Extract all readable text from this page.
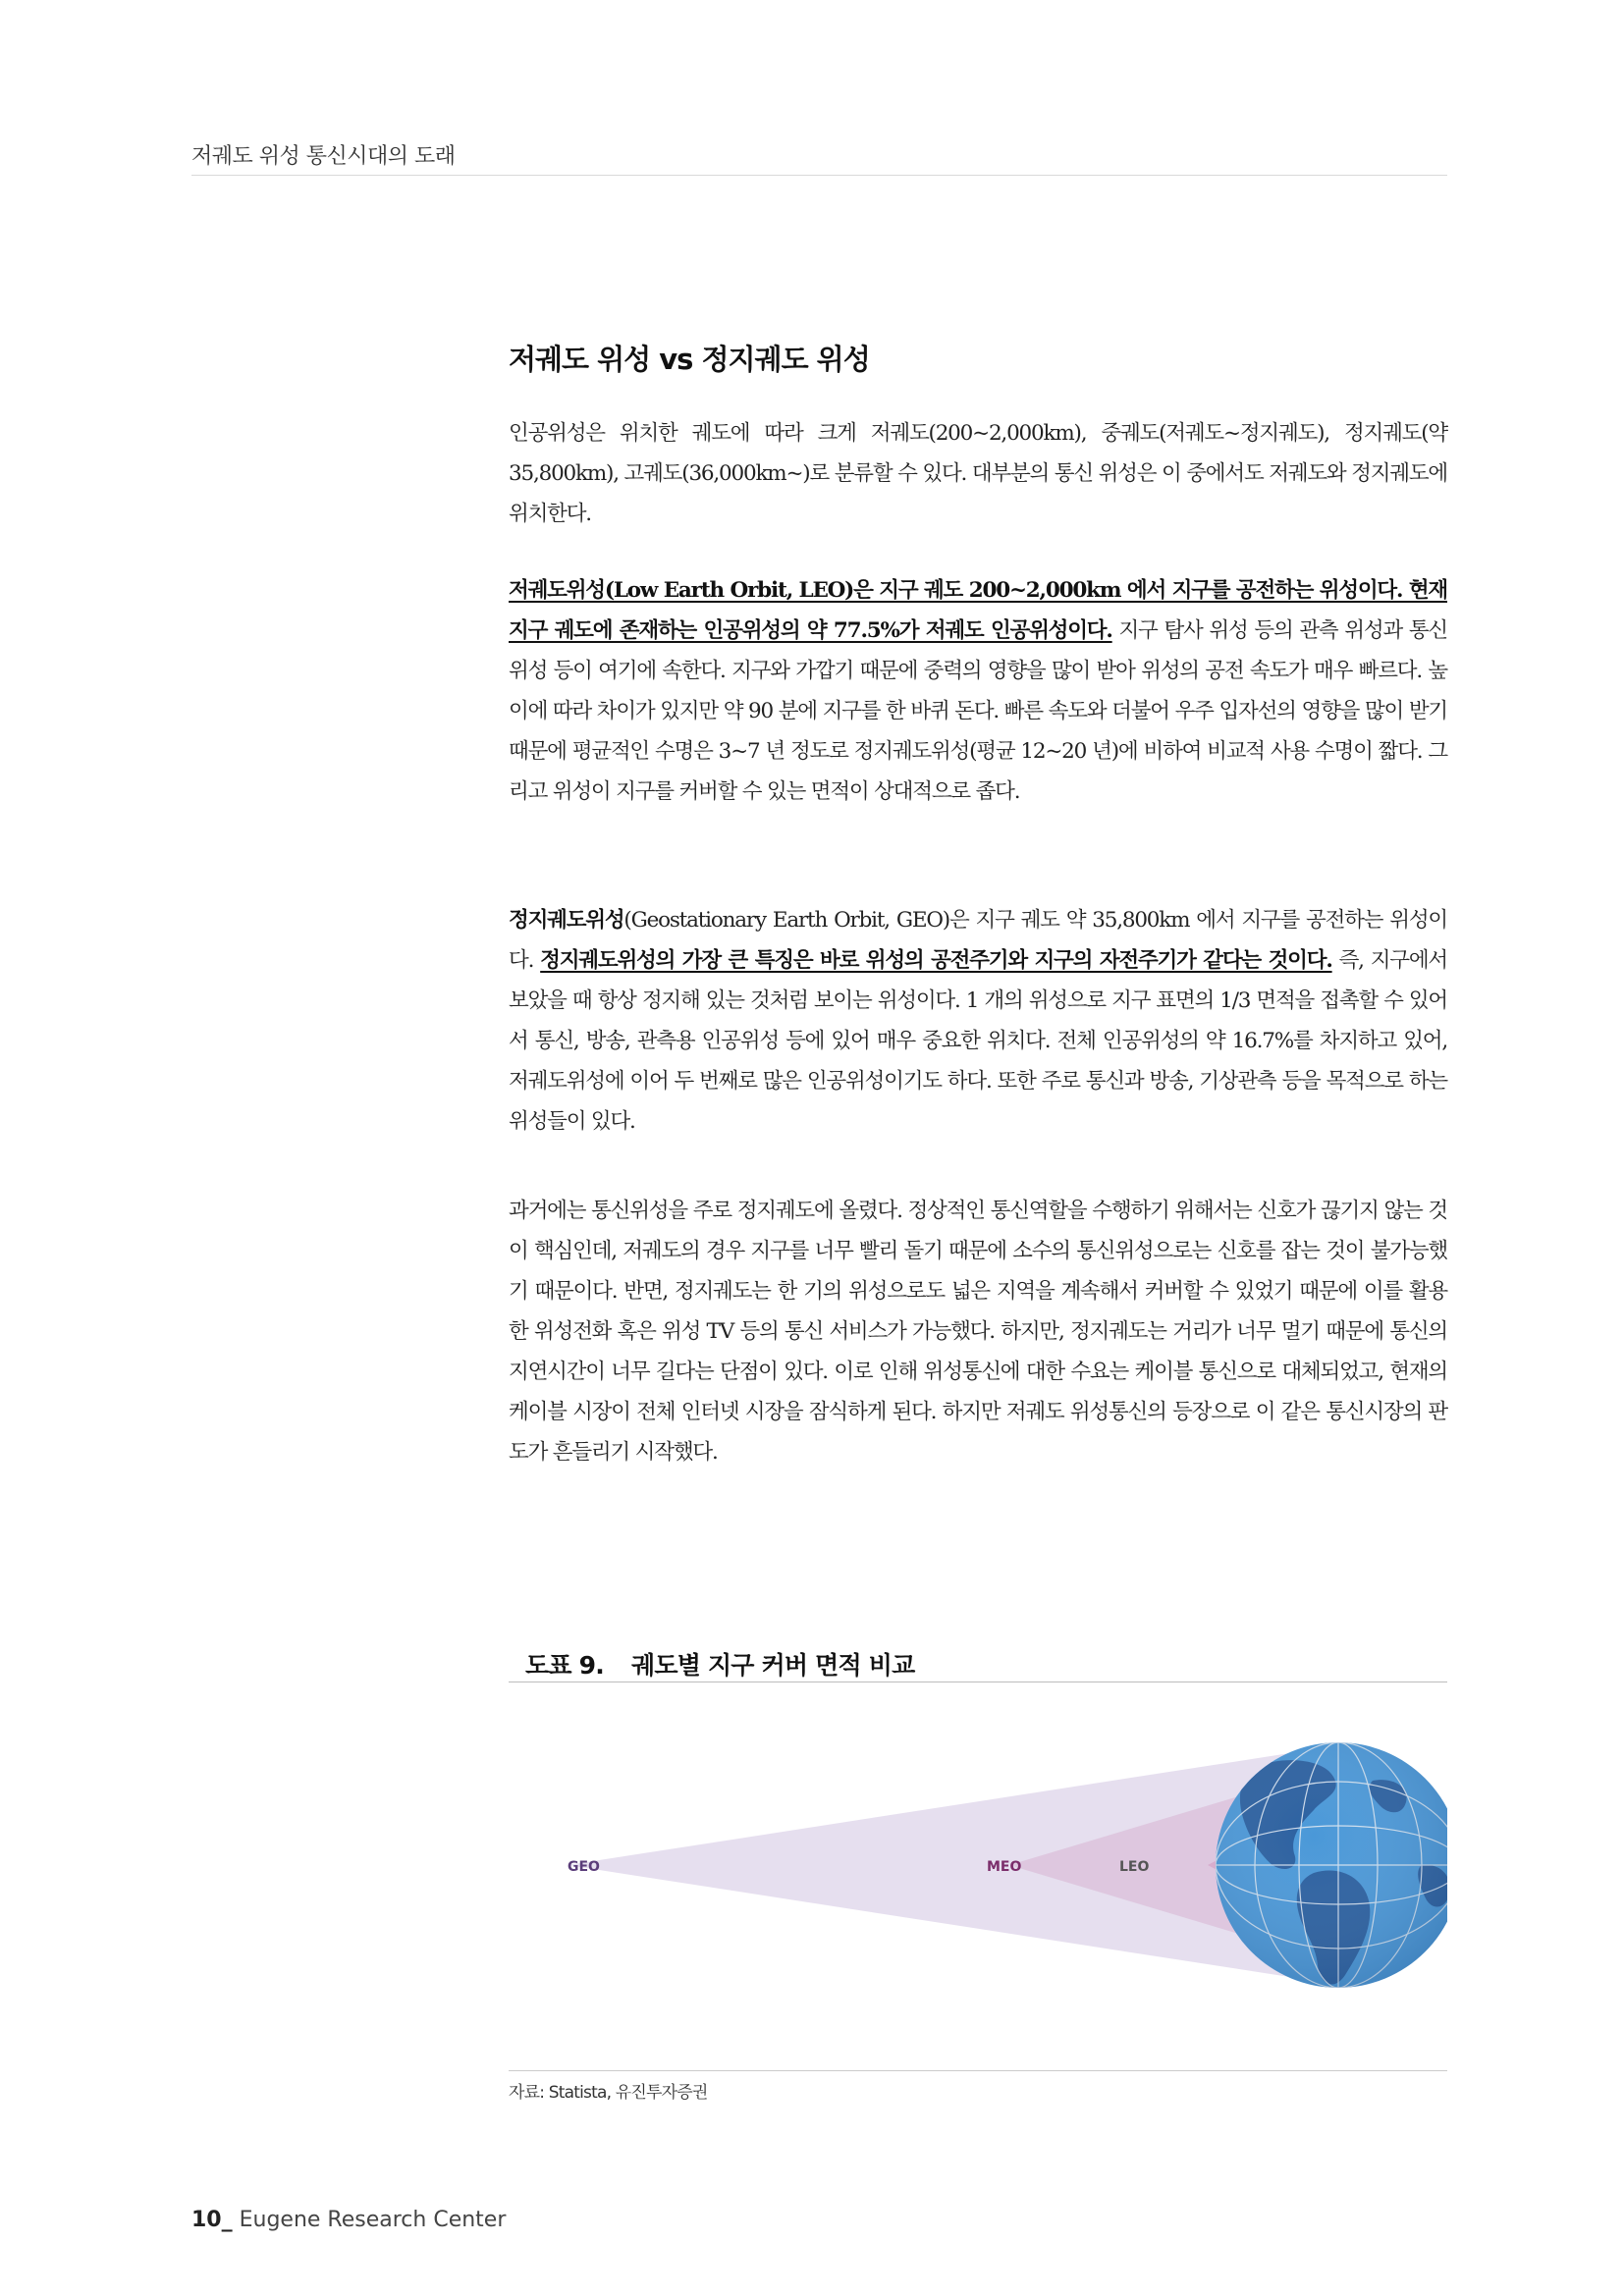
저궤도 위성 통신시대의 도래
저궤도 위성 vs 정지궤도 위성

인공위성은 위치한 궤도에 따라 크게 저궤도(200~2,000km), 중궤도(저궤도~정지궤도), 정지궤도(약 35,800km), 고궤도(36,000km~)로 분류할 수 있다. 대부분의 통신 위성은 이 중에서도 저궤도와 정지궤도에 위치한다.

저궤도위성(Low Earth Orbit, LEO)은 지구 궤도 200~2,000km 에서 지구를 공전하는 위성이다. 현재 지구 궤도에 존재하는 인공위성의 약 77.5%가 저궤도 인공위성이다. 지구 탐사 위성 등의 관측 위성과 통신 위성 등이 여기에 속한다. 지구와 가깝기 때문에 중력의 영향을 많이 받아 위성의 공전 속도가 매우 빠르다. 높이에 따라 차이가 있지만 약 90 분에 지구를 한 바퀴 돈다. 빠른 속도와 더불어 우주 입자선의 영향을 많이 받기 때문에 평균적인 수명은 3~7 년 정도로 정지궤도위성(평균 12~20 년)에 비하여 비교적 사용 수명이 짧다. 그리고 위성이 지구를 커버할 수 있는 면적이 상대적으로 좁다.

정지궤도위성(Geostationary Earth Orbit, GEO)은 지구 궤도 약 35,800km 에서 지구를 공전하는 위성이다. 정지궤도위성의 가장 큰 특징은 바로 위성의 공전주기와 지구의 자전주기가 같다는 것이다. 즉, 지구에서 보았을 때 항상 정지해 있는 것처럼 보이는 위성이다. 1 개의 위성으로 지구 표면의 1/3 면적을 접촉할 수 있어서 통신, 방송, 관측용 인공위성 등에 있어 매우 중요한 위치다. 전체 인공위성의 약 16.7%를 차지하고 있어, 저궤도위성에 이어 두 번째로 많은 인공위성이기도 하다. 또한 주로 통신과 방송, 기상관측 등을 목적으로 하는 위성들이 있다.

과거에는 통신위성을 주로 정지궤도에 올렸다. 정상적인 통신역할을 수행하기 위해서는 신호가 끊기지 않는 것이 핵심인데, 저궤도의 경우 지구를 너무 빨리 돌기 때문에 소수의 통신위성으로는 신호를 잡는 것이 불가능했기 때문이다. 반면, 정지궤도는 한 기의 위성으로도 넓은 지역을 계속해서 커버할 수 있었기 때문에 이를 활용한 위성전화 혹은 위성 TV 등의 통신 서비스가 가능했다. 하지만, 정지궤도는 거리가 너무 멀기 때문에 통신의 지연시간이 너무 길다는 단점이 있다. 이로 인해 위성통신에 대한 수요는 케이블 통신으로 대체되었고, 현재의 케이블 시장이 전체 인터넷 시장을 잠식하게 된다. 하지만 저궤도 위성통신의 등장으로 이 같은 통신시장의 판도가 흔들리기 시작했다.

도표 9. 궤도별 지구 커버 면적 비교
GEO	MEO	LEO
자료: Statista, 유진투자증권
10_ Eugene Research Center
